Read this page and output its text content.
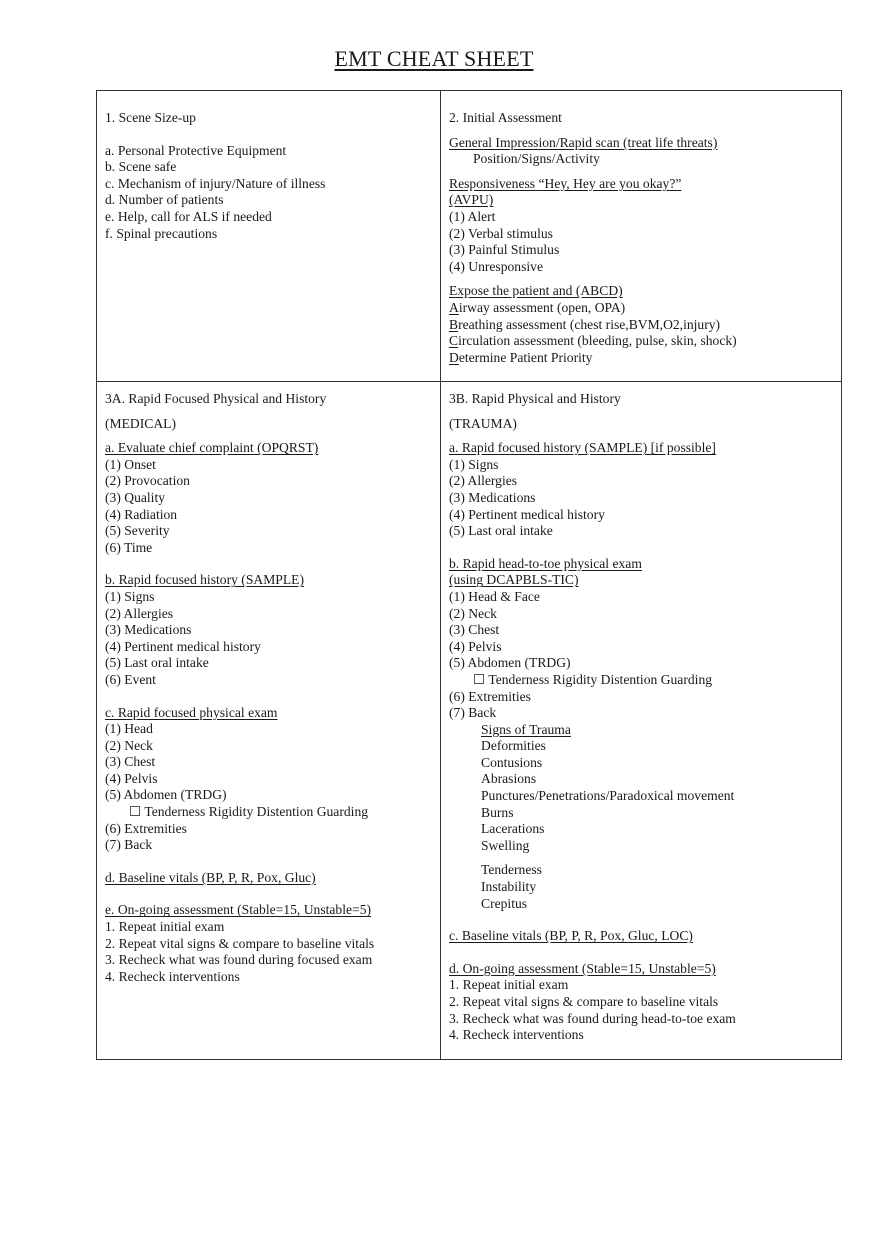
EMT CHEAT SHEET
1. Scene Size-up
a. Personal Protective Equipment
b. Scene safe
c. Mechanism of injury/Nature of illness
d. Number of patients
e. Help, call for ALS if needed
f. Spinal precautions
2. Initial Assessment
General Impression/Rapid scan (treat life threats)
Position/Signs/Activity
Responsiveness “Hey, Hey are you okay?”
(AVPU)
(1) Alert
(2) Verbal stimulus
(3) Painful Stimulus
(4) Unresponsive
Expose the patient and (ABCD)
Airway assessment (open, OPA)
Breathing assessment (chest rise,BVM,O2,injury)
Circulation assessment (bleeding, pulse, skin, shock)
Determine Patient Priority
3A. Rapid Focused Physical and History
(MEDICAL)
a. Evaluate chief complaint (OPQRST)
(1) Onset
(2) Provocation
(3) Quality
(4) Radiation
(5) Severity
(6) Time
b. Rapid focused history (SAMPLE)
(1) Signs
(2) Allergies
(3) Medications
(4) Pertinent medical history
(5) Last oral intake
(6) Event
c. Rapid focused physical exam
(1) Head
(2) Neck
(3) Chest
(4) Pelvis
(5) Abdomen (TRDG)
☐ Tenderness Rigidity Distention Guarding
(6) Extremities
(7) Back
d. Baseline vitals (BP, P, R, Pox, Gluc)
e. On-going assessment (Stable=15, Unstable=5)
1. Repeat initial exam
2. Repeat vital signs & compare to baseline vitals
3. Recheck what was found during focused exam
4. Recheck interventions
3B. Rapid Physical and History
(TRAUMA)
a. Rapid focused history (SAMPLE) [if possible]
(1) Signs
(2) Allergies
(3) Medications
(4) Pertinent medical history
(5) Last oral intake
b. Rapid head-to-toe physical exam
(using DCAPBLS-TIC)
(1) Head & Face
(2) Neck
(3) Chest
(4) Pelvis
(5) Abdomen (TRDG)
☐ Tenderness Rigidity Distention Guarding
(6) Extremities
(7) Back
Signs of Trauma
Deformities
Contusions
Abrasions
Punctures/Penetrations/Paradoxical movement
Burns
Lacerations
Swelling
Tenderness
Instability
Crepitus
c. Baseline vitals (BP, P, R, Pox, Gluc, LOC)
d. On-going assessment (Stable=15, Unstable=5)
1. Repeat initial exam
2. Repeat vital signs & compare to baseline vitals
3. Recheck what was found during head-to-toe exam
4. Recheck interventions
